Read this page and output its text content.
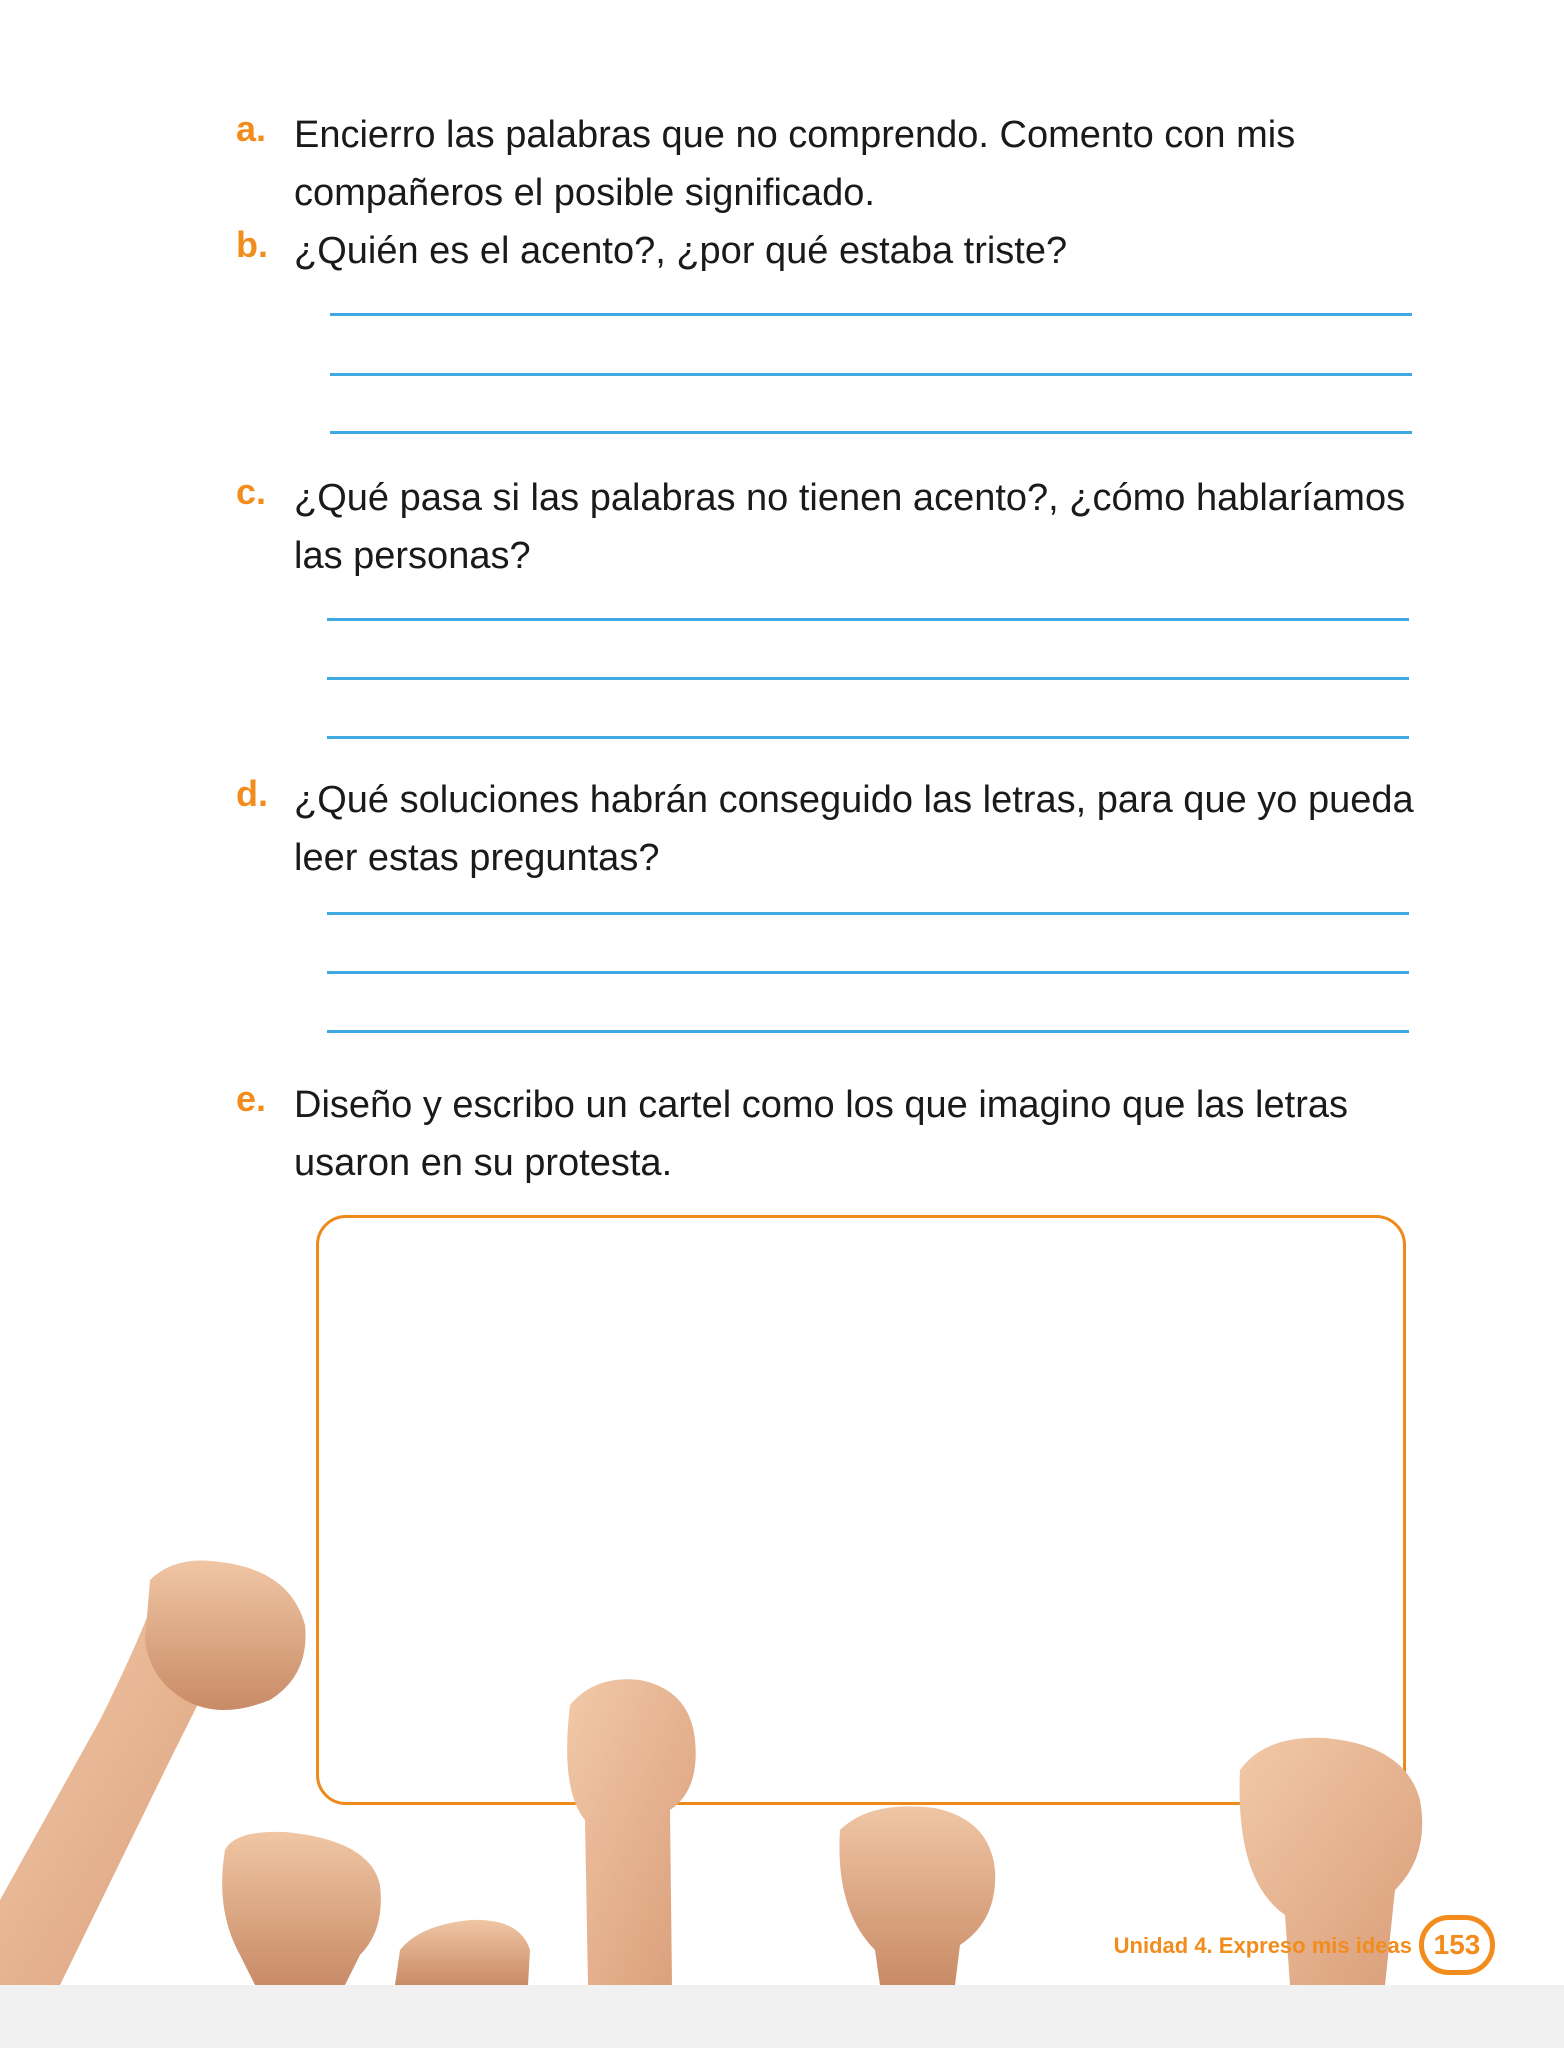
a. Encierro las palabras que no comprendo. Comento con mis compañeros el posible significado.
b. ¿Quién es el acento?, ¿por qué estaba triste?
c. ¿Qué pasa si las palabras no tienen acento?, ¿cómo hablaríamos las personas?
d. ¿Qué soluciones habrán conseguido las letras, para que yo pueda leer estas preguntas?
e. Diseño y escribo un cartel como los que imagino que las letras usaron en su protesta.
Unidad 4. Expreso mis ideas 153
